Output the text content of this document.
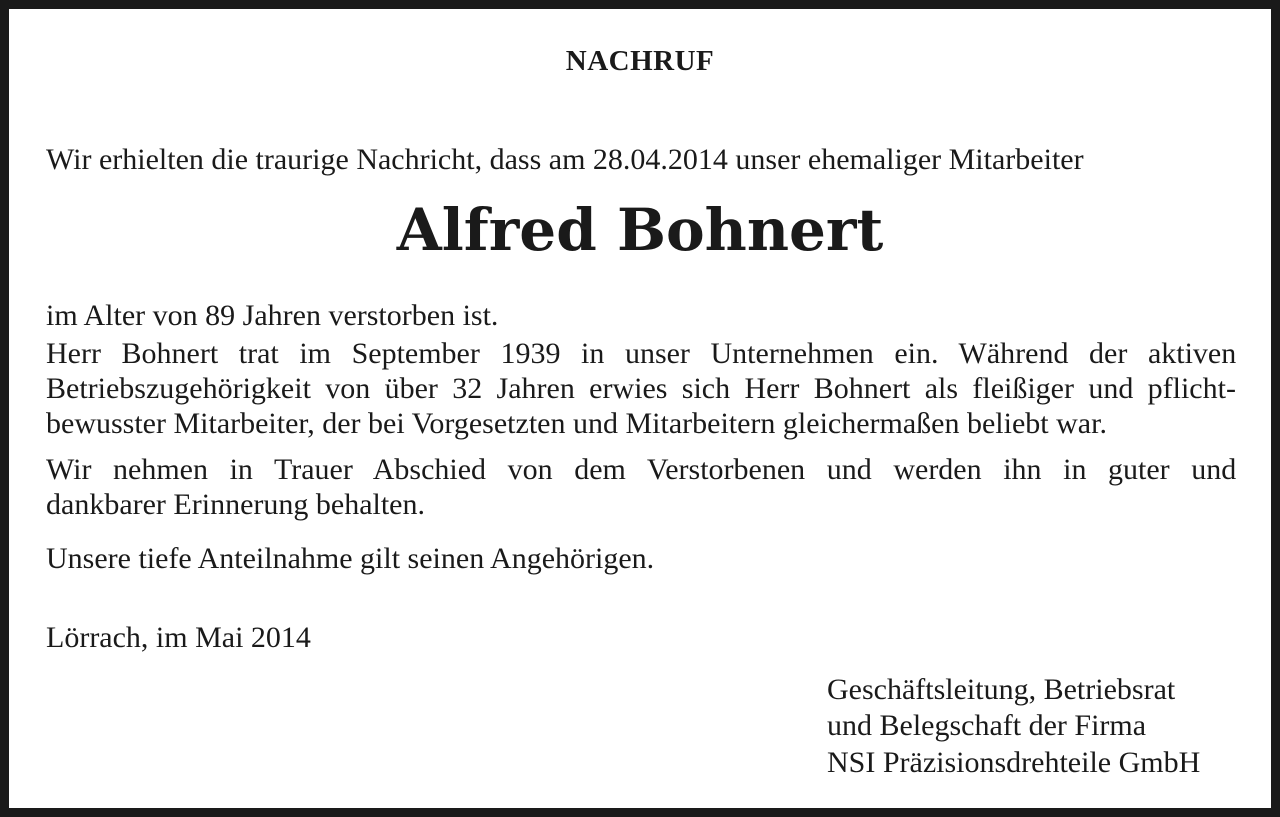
NACHRUF
Wir erhielten die traurige Nachricht, dass am 28.04.2014 unser ehemaliger Mitarbeiter
Alfred Bohnert
im Alter von 89 Jahren verstorben ist.
Herr Bohnert trat im September 1939 in unser Unternehmen ein. Während der aktiven
Betriebszugehörigkeit von über 32 Jahren erwies sich Herr Bohnert als fleißiger und pflicht-
bewusster Mitarbeiter, der bei Vorgesetzten und Mitarbeitern gleichermaßen beliebt war.
Wir nehmen in Trauer Abschied von dem Verstorbenen und werden ihn in guter und
dankbarer Erinnerung behalten.
Unsere tiefe Anteilnahme gilt seinen Angehörigen.
Lörrach, im Mai 2014
Geschäftsleitung, Betriebsrat
und Belegschaft der Firma
NSI Präzisionsdrehteile GmbH
